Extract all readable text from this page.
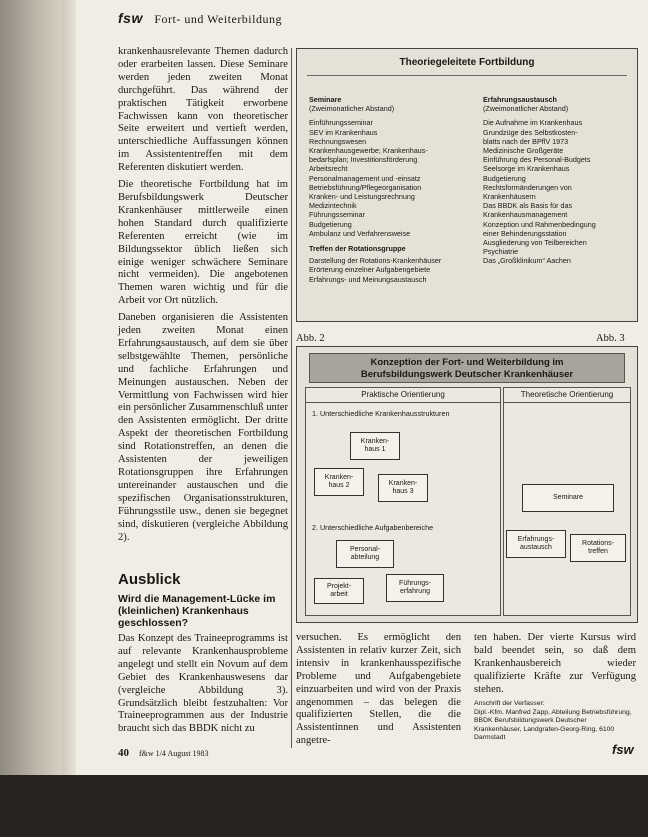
fsw Fort- und Weiterbildung

krankenhausrelevante Themen dadurch oder erarbeiten lassen. Diese Seminare werden jeden zweiten Monat durchgeführt. Das während der praktischen Tätigkeit erworbene Fachwissen kann von theoretischer Seite erweitert und vertieft werden, unterschiedliche Auffassungen können im Assistententreffen mit dem Referenten diskutiert werden.

Die theoretische Fortbildung hat im Berufsbildungswerk Deutscher Krankenhäuser mittlerweile einen hohen Standard durch qualifizierte Referenten erreicht (wie im Bildungssektor üblich ließen sich einige weniger schwächere Seminare nicht vermeiden). Die angebotenen Themen waren wichtig und für die Arbeit vor Ort nützlich.

Daneben organisieren die Assistenten jeden zweiten Monat einen Erfahrungsaustausch, auf dem sie über selbstgewählte Themen, persönliche und fachliche Erfahrungen und Meinungen austauschen. Neben der Vermittlung von Fachwissen wird hier ein persönlicher Zusammenschluß unter den Assistenten ermöglicht. Der dritte Aspekt der theoretischen Fortbildung sind Rotationstreffen, an denen die Assistenten der jeweiligen Rotationsgruppen ihre Erfahrungen untereinander austauschen und die spezifischen Organisationsstrukturen, Führungsstile usw., denen sie begegnet sind, diskutieren (vergleiche Abbildung 2).

Ausblick
Wird die Management-Lücke im (kleinlichen) Krankenhaus geschlossen?
Das Konzept des Traineeprogramms ist auf relevante Krankenhausprobleme angelegt und stellt ein Novum auf dem Gebiet des Krankenhauswesens dar (vergleiche Abbildung 3). Grundsätzlich bleibt festzuhalten: Vor Traineeprogrammen aus der Industrie braucht sich das BBDK nicht zu
40 f&w 1/4 August 1983
Theoriegeleitete Fortbildung
Seminare
(Zweimonatlicher Abstand)
Einführungsseminar
SEV im Krankenhaus
Rechnungswesen
Krankenhausgewerbe; Krankenhaus-
bedarfsplan; Investitionsförderung
Arbeitsrecht
Personalmanagement und -einsatz
Betriebsführung/Pflegeorganisation
Kranken- und Leistungsrechnung
Medizintechnik
Führungsseminar
Budgetierung
Ambulanz und Verfahrensweise
Treffen der Rotationsgruppe
Darstellung der Rotations-Krankenhäuser
Erörterung einzelner Aufgabengebiete
Erfahrungs- und Meinungsaustausch
Erfahrungsaustausch
(Zweimonatlicher Abstand)
Die Aufnahme im Krankenhaus
Grundzüge des Selbstkosten-
blatts nach der BPflV 1973
Medizinische Großgeräte
Einführung des Personal-Budgets
Seelsorge im Krankenhaus
Budgetierung
Rechtsformänderungen von
Krankenhäusern
Das BBDK als Basis für das
Krankenhausmanagement
Konzeption und Rahmenbedingung
einer Behinderungsstation
Ausgliederung von Teilbereichen
Psychiatrie
Das „Großklinikum“ Aachen
Abb. 2	Abb. 3
Konzeption der Fort- und Weiterbildung im
Berufsbildungswerk Deutscher Krankenhäuser
Praktische Orientierung
1. Unterschiedliche Krankenhausstrukturen
Kranken-
haus 1
Kranken-
haus 2	Kranken-
haus 3
2. Unterschiedliche Aufgabenbereiche
Personal-
abteilung
Projekt-
arbeit
Führungs-
erfahrung
Theoretische Orientierung
Seminare
Erfahrungs-
austausch
Rotations-
treffen
versuchen. Es ermöglicht den Assistenten in relativ kurzer Zeit, sich intensiv in krankenhausspezifische Probleme und Aufgabengebiete einzuarbeiten und wird von der Praxis angenommen – das belegen die qualifizierten Stellen, die die Assistentinnen und Assistenten angetre-
ten haben. Der vierte Kursus wird bald beendet sein, so daß dem Krankenhausbereich wieder qualifizierte Kräfte zur Verfügung stehen.
Anschrift der Verfasser:
Dipl.-Kfm. Manfred Zapp, Abteilung Betriebsführung, BBDK Berufsbildungswerk Deutscher Krankenhäuser, Landgrafen-Georg-Ring, 6100 Darmstadt
fsw
